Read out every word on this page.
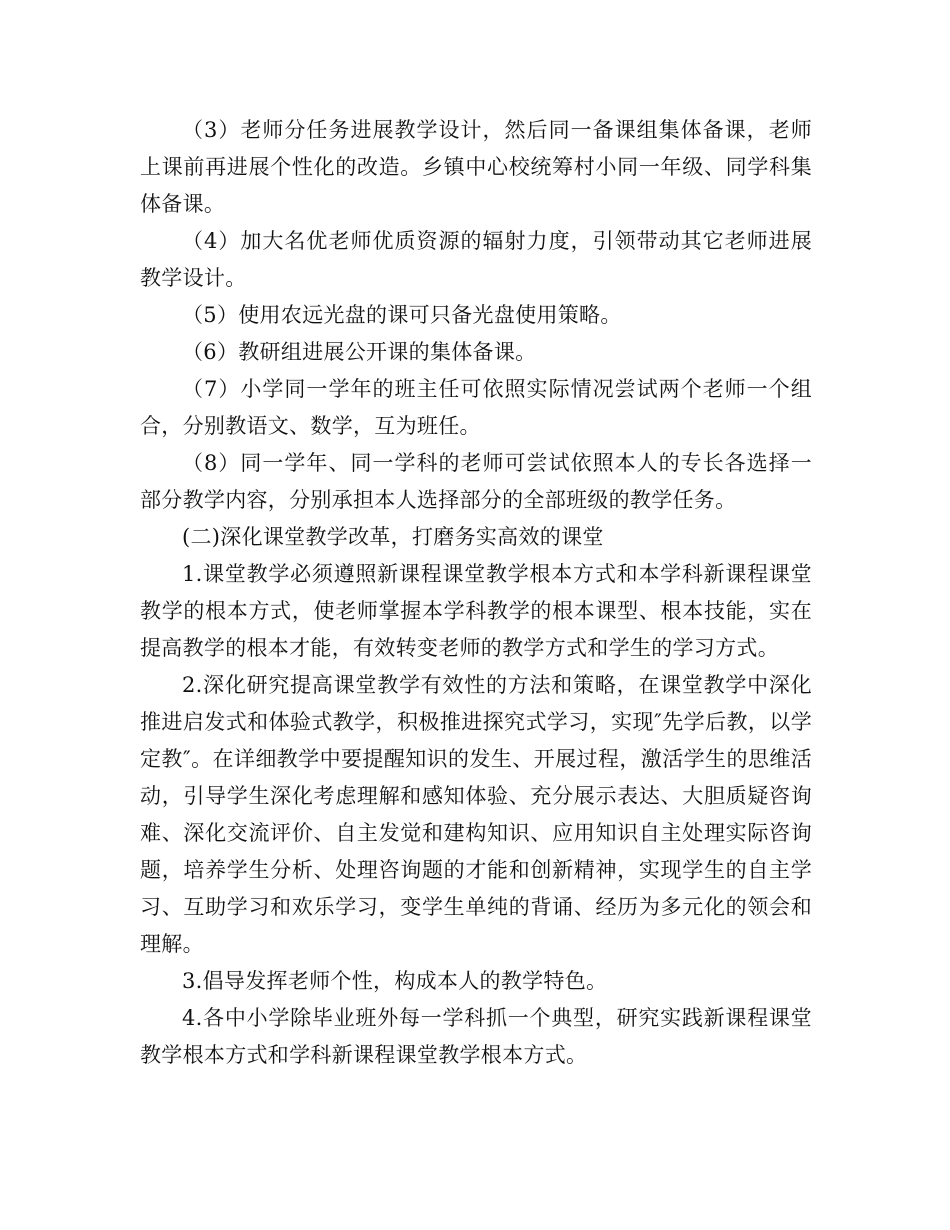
（3）老师分任务进展教学设计，然后同一备课组集体备课，老师上课前再进展个性化的改造。乡镇中心校统筹村小同一年级、同学科集体备课。

（4）加大名优老师优质资源的辐射力度，引领带动其它老师进展教学设计。

（5）使用农远光盘的课可只备光盘使用策略。

（6）教研组进展公开课的集体备课。

（7）小学同一学年的班主任可依照实际情况尝试两个老师一个组合，分别教语文、数学，互为班任。

（8）同一学年、同一学科的老师可尝试依照本人的专长各选择一部分教学内容，分别承担本人选择部分的全部班级的教学任务。

(二)深化课堂教学改革，打磨务实高效的课堂

1.课堂教学必须遵照新课程课堂教学根本方式和本学科新课程课堂教学的根本方式，使老师掌握本学科教学的根本课型、根本技能，实在提高教学的根本才能，有效转变老师的教学方式和学生的学习方式。

2.深化研究提高课堂教学有效性的方法和策略，在课堂教学中深化推进启发式和体验式教学，积极推进探究式学习，实现″先学后教，以学定教″。在详细教学中要提醒知识的发生、开展过程，激活学生的思维活动，引导学生深化考虑理解和感知体验、充分展示表达、大胆质疑咨询难、深化交流评价、自主发觉和建构知识、应用知识自主处理实际咨询题，培养学生分析、处理咨询题的才能和创新精神，实现学生的自主学习、互助学习和欢乐学习，变学生单纯的背诵、经历为多元化的领会和理解。

3.倡导发挥老师个性，构成本人的教学特色。

4.各中小学除毕业班外每一学科抓一个典型，研究实践新课程课堂教学根本方式和学科新课程课堂教学根本方式。
